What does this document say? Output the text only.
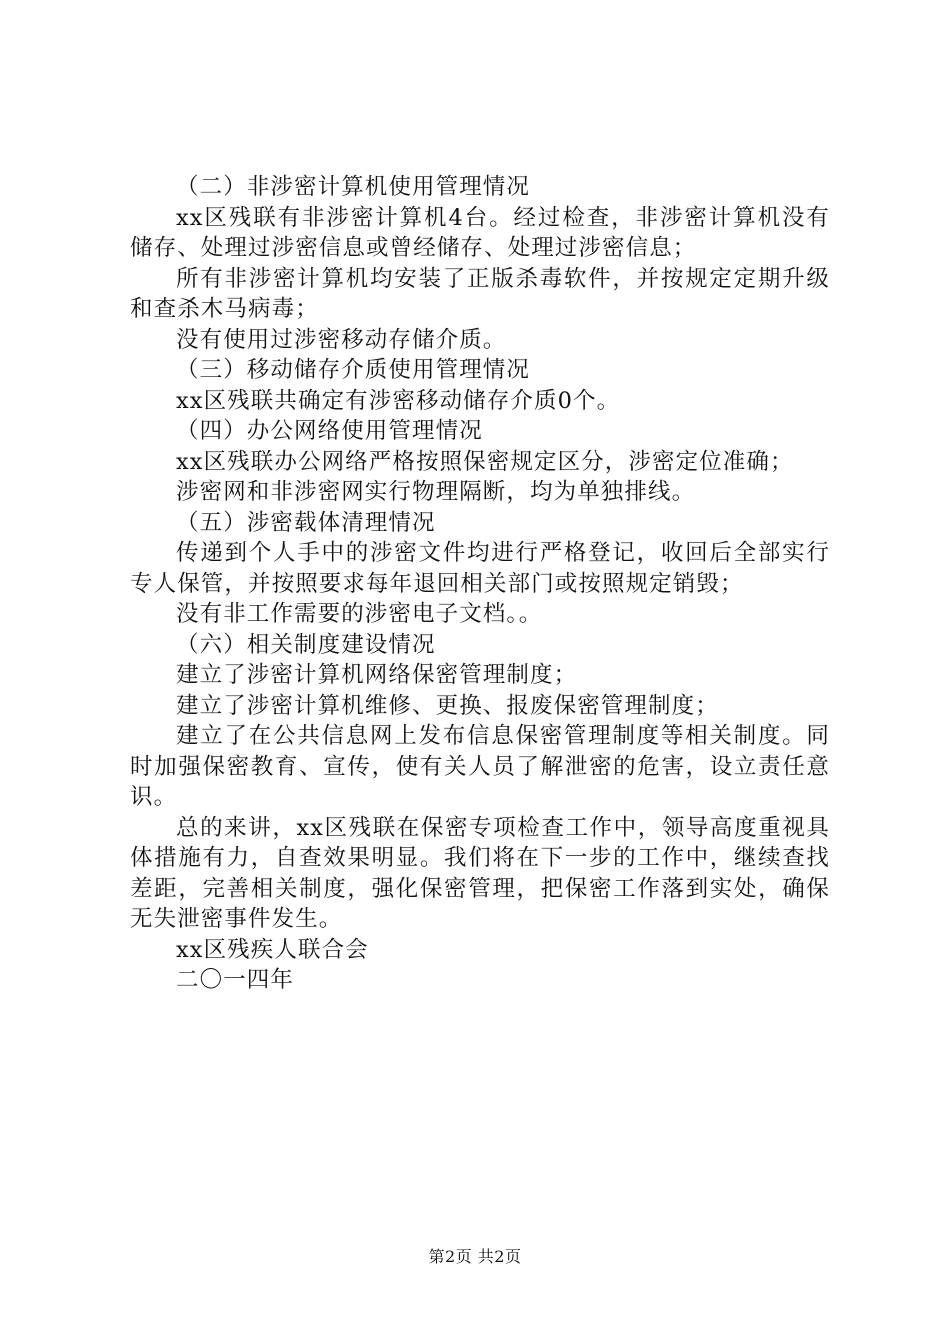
（二）非涉密计算机使用管理情况

xx区残联有非涉密计算机4台。经过检查，非涉密计算机没有储存、处理过涉密信息或曾经储存、处理过涉密信息；

所有非涉密计算机均安装了正版杀毒软件，并按规定定期升级和查杀木马病毒；

没有使用过涉密移动存储介质。

（三）移动储存介质使用管理情况

xx区残联共确定有涉密移动储存介质0个。

（四）办公网络使用管理情况

xx区残联办公网络严格按照保密规定区分，涉密定位准确；

涉密网和非涉密网实行物理隔断，均为单独排线。

（五）涉密载体清理情况

传递到个人手中的涉密文件均进行严格登记，收回后全部实行专人保管，并按照要求每年退回相关部门或按照规定销毁；

没有非工作需要的涉密电子文档。。

（六）相关制度建设情况

建立了涉密计算机网络保密管理制度；

建立了涉密计算机维修、更换、报废保密管理制度；

建立了在公共信息网上发布信息保密管理制度等相关制度。同时加强保密教育、宣传，使有关人员了解泄密的危害，设立责任意识。

总的来讲，xx区残联在保密专项检查工作中，领导高度重视具体措施有力，自查效果明显。我们将在下一步的工作中，继续查找差距，完善相关制度，强化保密管理，把保密工作落到实处，确保无失泄密事件发生。

xx区残疾人联合会

二〇一四年

第2页 共2页
